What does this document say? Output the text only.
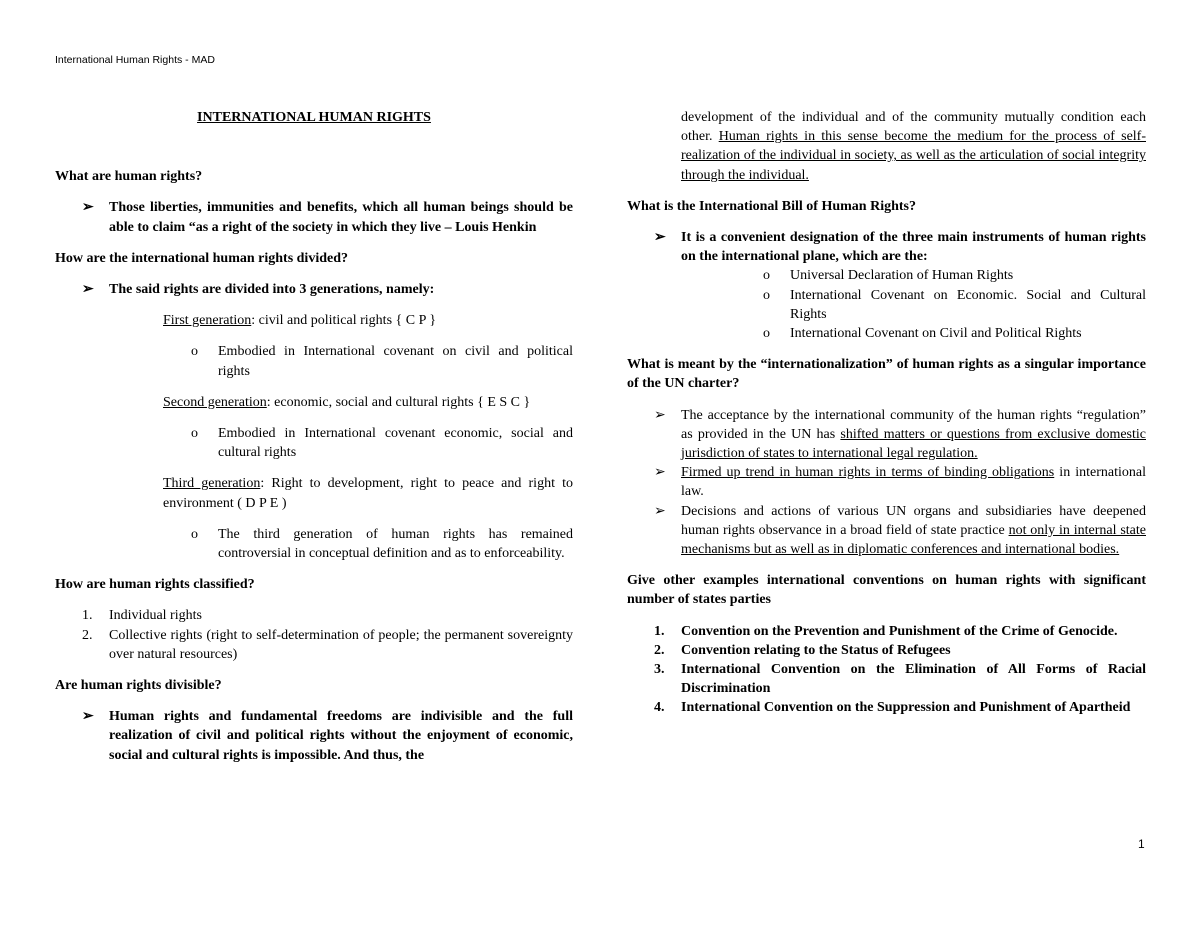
International Human Rights - MAD

INTERNATIONAL HUMAN RIGHTS

What are human rights?

➢ Those liberties, immunities and benefits, which all human beings should be able to claim “as a right of the society in which they live – Louis Henkin

How are the international human rights divided?

➢ The said rights are divided into 3 generations, namely:
First generation: civil and political rights { C P }
o Embodied in International covenant on civil and political rights
Second generation: economic, social and cultural rights { E S C }
o Embodied in International covenant economic, social and cultural rights
Third generation: Right to development, right to peace and right to environment ( D P E )
o The third generation of human rights has remained controversial in conceptual definition and as to enforceability.

How are human rights classified?

1. Individual rights
2. Collective rights (right to self-determination of people; the permanent sovereignty over natural resources)

Are human rights divisible?

➢ Human rights and fundamental freedoms are indivisible and the full realization of civil and political rights without the enjoyment of economic, social and cultural rights is impossible. And thus, the
development of the individual and of the community mutually condition each other. Human rights in this sense become the medium for the process of self-realization of the individual in society, as well as the articulation of social integrity through the individual.

What is the International Bill of Human Rights?

➢ It is a convenient designation of the three main instruments of human rights on the international plane, which are the:
o Universal Declaration of Human Rights
o International Covenant on Economic. Social and Cultural Rights
o International Covenant on Civil and Political Rights

What is meant by the “internationalization” of human rights as a singular importance of the UN charter?

➢ The acceptance by the international community of the human rights “regulation” as provided in the UN has shifted matters or questions from exclusive domestic jurisdiction of states to international legal regulation.
➢ Firmed up trend in human rights in terms of binding obligations in international law.
➢ Decisions and actions of various UN organs and subsidiaries have deepened human rights observance in a broad field of state practice not only in internal state mechanisms but as well as in diplomatic conferences and international bodies.

Give other examples international conventions on human rights with significant number of states parties

1. Convention on the Prevention and Punishment of the Crime of Genocide.
2. Convention relating to the Status of Refugees
3. International Convention on the Elimination of All Forms of Racial Discrimination
4. International Convention on the Suppression and Punishment of Apartheid
1
